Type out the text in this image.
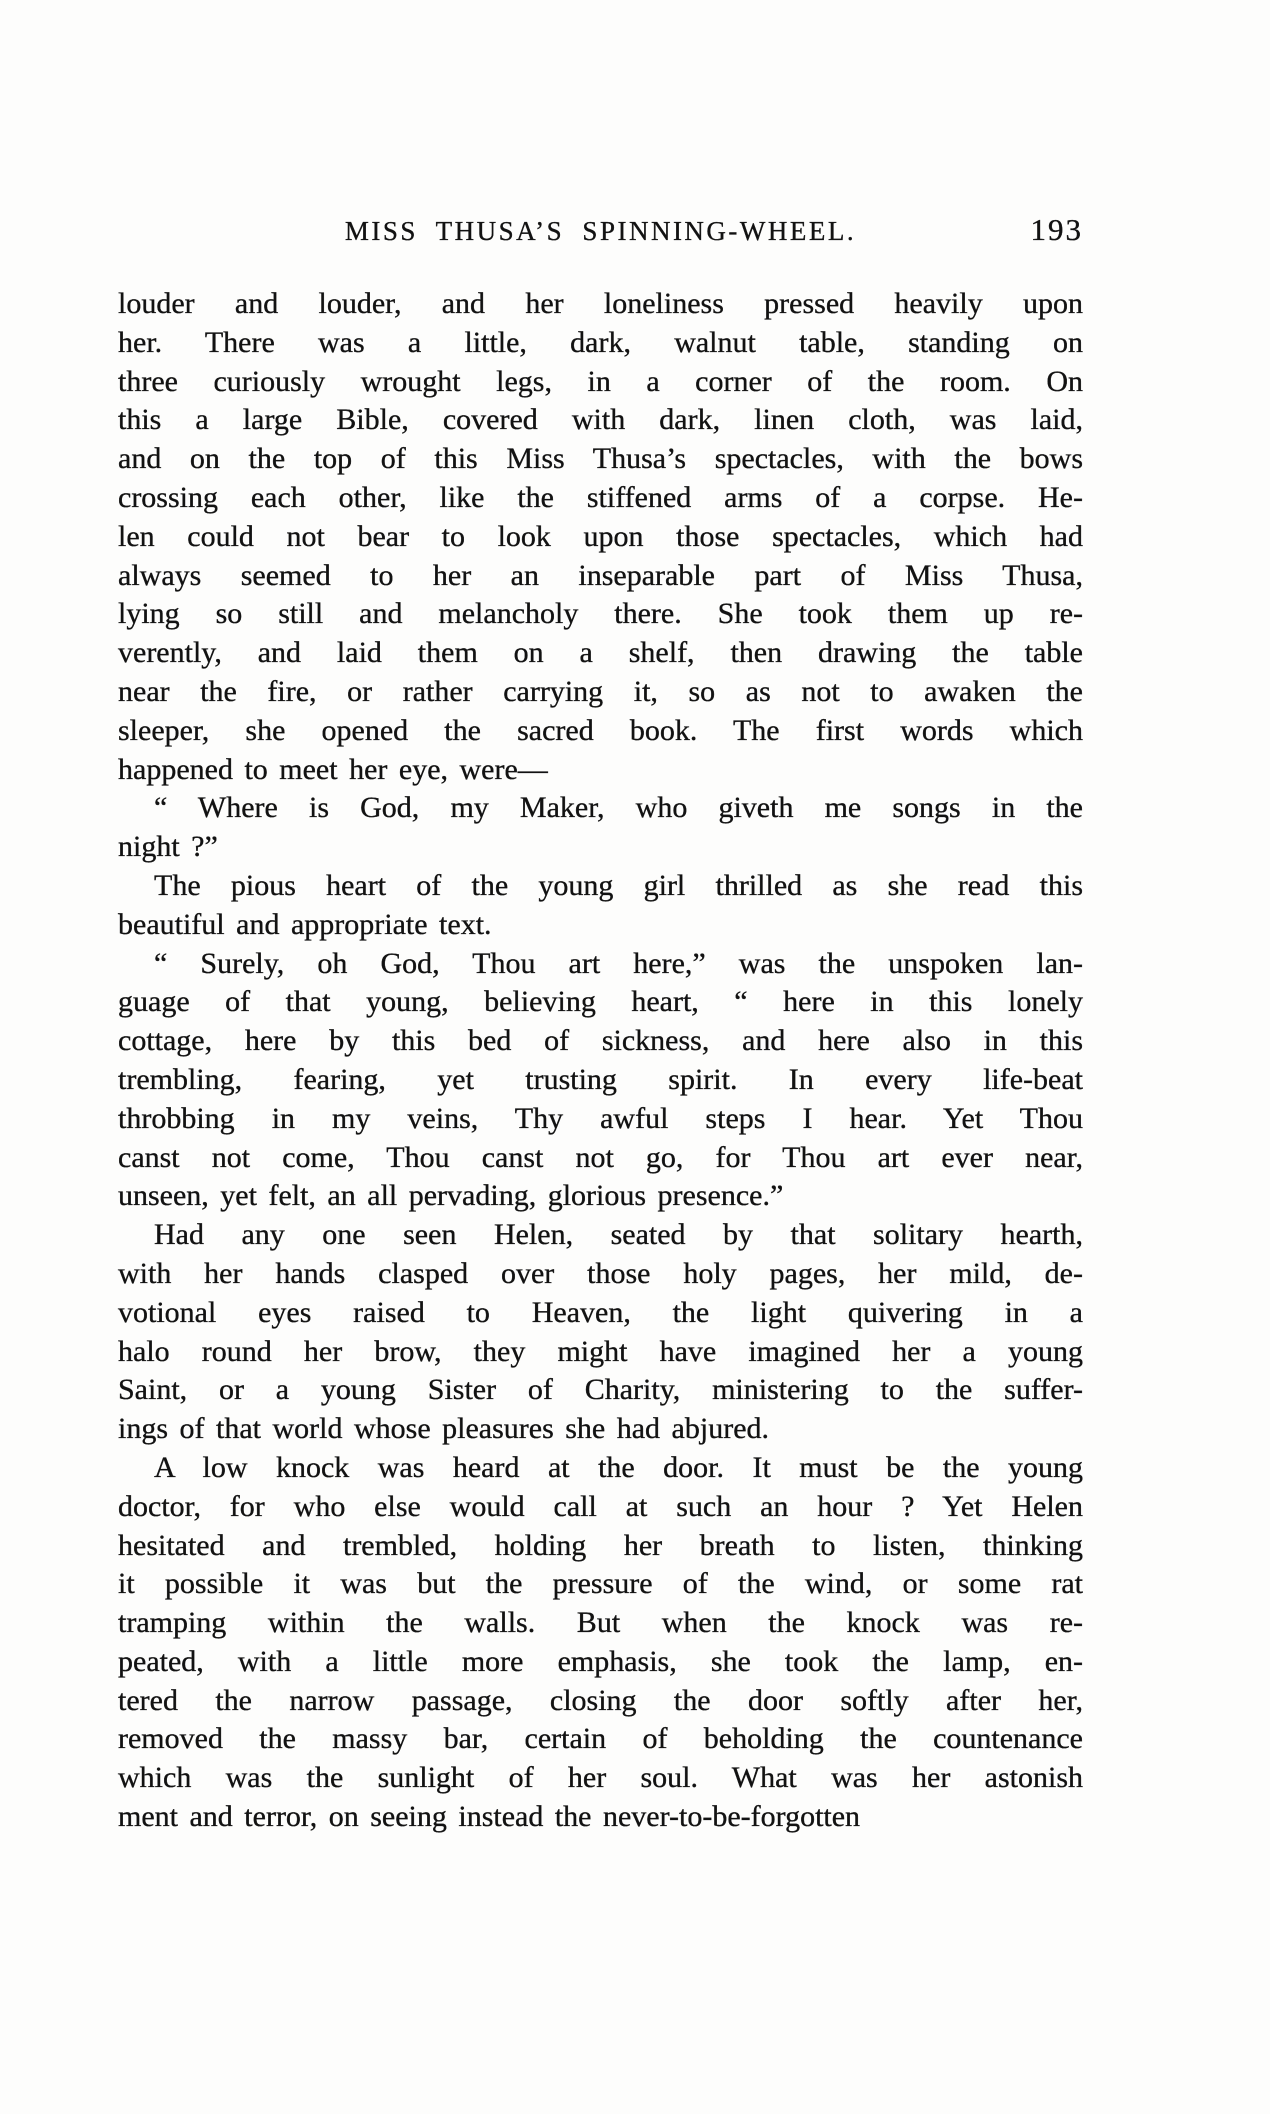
MISS THUSA’S SPINNING-WHEEL.	193
louder and louder, and her loneliness pressed heavily upon
her. There was a little, dark, walnut table, standing on
three curiously wrought legs, in a corner of the room. On
this a large Bible, covered with dark, linen cloth, was laid,
and on the top of this Miss Thusa’s spectacles, with the bows
crossing each other, like the stiffened arms of a corpse. He-
len could not bear to look upon those spectacles, which had
always seemed to her an inseparable part of Miss Thusa,
lying so still and melancholy there. She took them up re-
verently, and laid them on a shelf, then drawing the table
near the fire, or rather carrying it, so as not to awaken the
sleeper, she opened the sacred book. The first words which
happened to meet her eye, were—
“ Where is God, my Maker, who giveth me songs in the
night ?”
The pious heart of the young girl thrilled as she read this
beautiful and appropriate text.
“ Surely, oh God, Thou art here,” was the unspoken lan-
guage of that young, believing heart, “ here in this lonely
cottage, here by this bed of sickness, and here also in this
trembling, fearing, yet trusting spirit. In every life-beat
throbbing in my veins, Thy awful steps I hear. Yet Thou
canst not come, Thou canst not go, for Thou art ever near,
unseen, yet felt, an all pervading, glorious presence.”
Had any one seen Helen, seated by that solitary hearth,
with her hands clasped over those holy pages, her mild, de-
votional eyes raised to Heaven, the light quivering in a
halo round her brow, they might have imagined her a young
Saint, or a young Sister of Charity, ministering to the suffer-
ings of that world whose pleasures she had abjured.
A low knock was heard at the door. It must be the young
doctor, for who else would call at such an hour ? Yet Helen
hesitated and trembled, holding her breath to listen, thinking
it possible it was but the pressure of the wind, or some rat
tramping within the walls. But when the knock was re-
peated, with a little more emphasis, she took the lamp, en-
tered the narrow passage, closing the door softly after her,
removed the massy bar, certain of beholding the countenance
which was the sunlight of her soul. What was her astonish
ment and terror, on seeing instead the never-to-be-forgotten
